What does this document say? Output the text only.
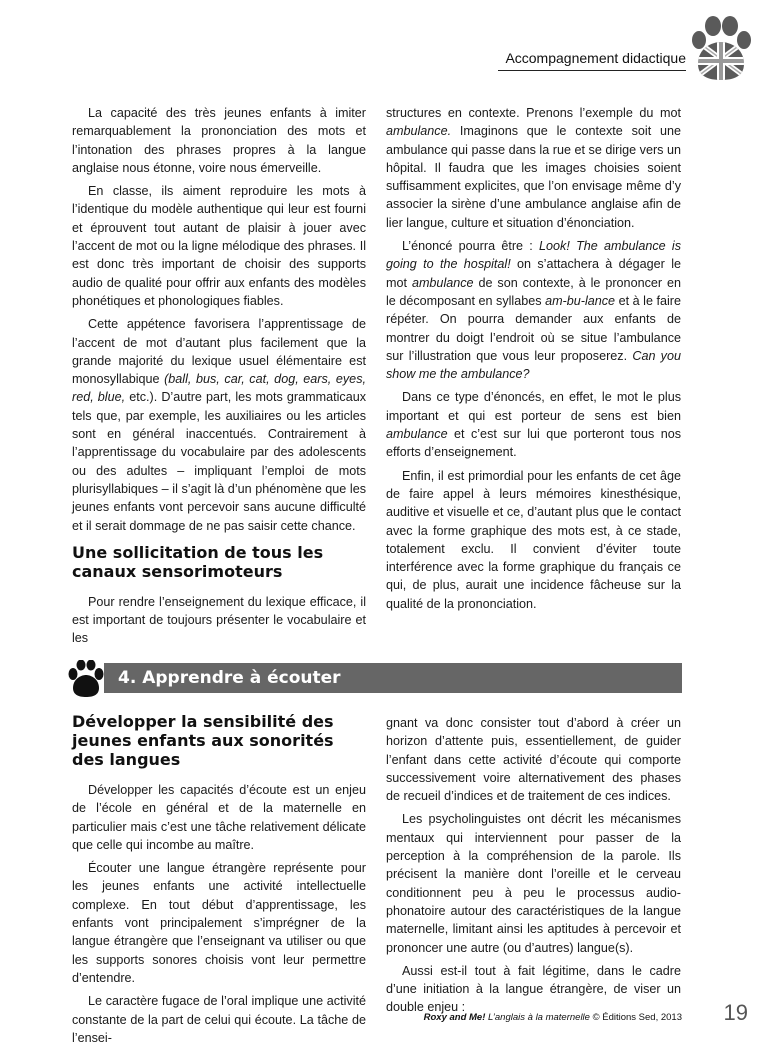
Accompagnement didactique

La capacité des très jeunes enfants à imiter remarquablement la prononciation des mots et l’intonation des phrases propres à la langue anglaise nous étonne, voire nous émerveille.

En classe, ils aiment reproduire les mots à l’identique du modèle authentique qui leur est fourni et éprouvent tout autant de plaisir à jouer avec l’accent de mot ou la ligne mélodique des phrases. Il est donc très important de choisir des supports audio de qualité pour offrir aux enfants des modèles phonétiques et phonologiques fiables.

Cette appétence favorisera l’apprentissage de l’accent de mot d’autant plus facilement que la grande majorité du lexique usuel élémentaire est monosyllabique (ball, bus, car, cat, dog, ears, eyes, red, blue, etc.). D’autre part, les mots grammaticaux tels que, par exemple, les auxiliaires ou les articles sont en général inaccentués. Contrairement à l’apprentissage du vocabulaire par des adolescents ou des adultes – impliquant l’emploi de mots plurisyllabiques – il s’agit là d’un phénomène que les jeunes enfants vont percevoir sans aucune difficulté et il serait dommage de ne pas saisir cette chance.

Une sollicitation de tous les canaux sensorimoteurs

Pour rendre l’enseignement du lexique efficace, il est important de toujours présenter le vocabulaire et les

structures en contexte. Prenons l’exemple du mot ambulance. Imaginons que le contexte soit une ambulance qui passe dans la rue et se dirige vers un hôpital. Il faudra que les images choisies soient suffisamment explicites, que l’on envisage même d’y associer la sirène d’une ambulance anglaise afin de lier langue, culture et situation d’énonciation.

L’énoncé pourra être : Look! The ambulance is going to the hospital! on s’attachera à dégager le mot ambulance de son contexte, à le prononcer en le décomposant en syllabes am-bu-lance et à le faire répéter. On pourra demander aux enfants de montrer du doigt l’endroit où se situe l’ambulance sur l’illustration que vous leur proposerez. Can you show me the ambulance?

Dans ce type d’énoncés, en effet, le mot le plus important et qui est porteur de sens est bien ambulance et c’est sur lui que porteront tous nos efforts d’enseignement.

Enfin, il est primordial pour les enfants de cet âge de faire appel à leurs mémoires kinesthésique, auditive et visuelle et ce, d’autant plus que le contact avec la forme graphique des mots est, à ce stade, totalement exclu. Il convient d’éviter toute interférence avec la forme graphique du français ce qui, de plus, aurait une incidence fâcheuse sur la qualité de la prononciation.

4. Apprendre à écouter
Développer la sensibilité des jeunes enfants aux sonorités des langues

Développer les capacités d’écoute est un enjeu de l’école en général et de la maternelle en particulier mais c’est une tâche relativement délicate que celle qui incombe au maître.

Écouter une langue étrangère représente pour les jeunes enfants une activité intellectuelle complexe. En tout début d’apprentissage, les enfants vont principalement s’imprégner de la langue étrangère que l’enseignant va utiliser ou que les supports sonores choisis vont leur permettre d’entendre.

Le caractère fugace de l’oral implique une activité constante de la part de celui qui écoute. La tâche de l’ensei-

gnant va donc consister tout d’abord à créer un horizon d’attente puis, essentiellement, de guider l’enfant dans cette activité d’écoute qui comporte successivement voire alternativement des phases de recueil d’indices et de traitement de ces indices.

Les psycholinguistes ont décrit les mécanismes mentaux qui interviennent pour passer de la perception à la compréhension de la parole. Ils précisent la manière dont l’oreille et le cerveau conditionnent peu à peu le processus audio-phonatoire autour des caractéristiques de la langue maternelle, limitant ainsi les aptitudes à percevoir et prononcer une autre (ou d’autres) langue(s).

Aussi est-il tout à fait légitime, dans le cadre d’une initiation à la langue étrangère, de viser un double enjeu :

Roxy and Me! L’anglais à la maternelle © Éditions Sed, 2013 19
